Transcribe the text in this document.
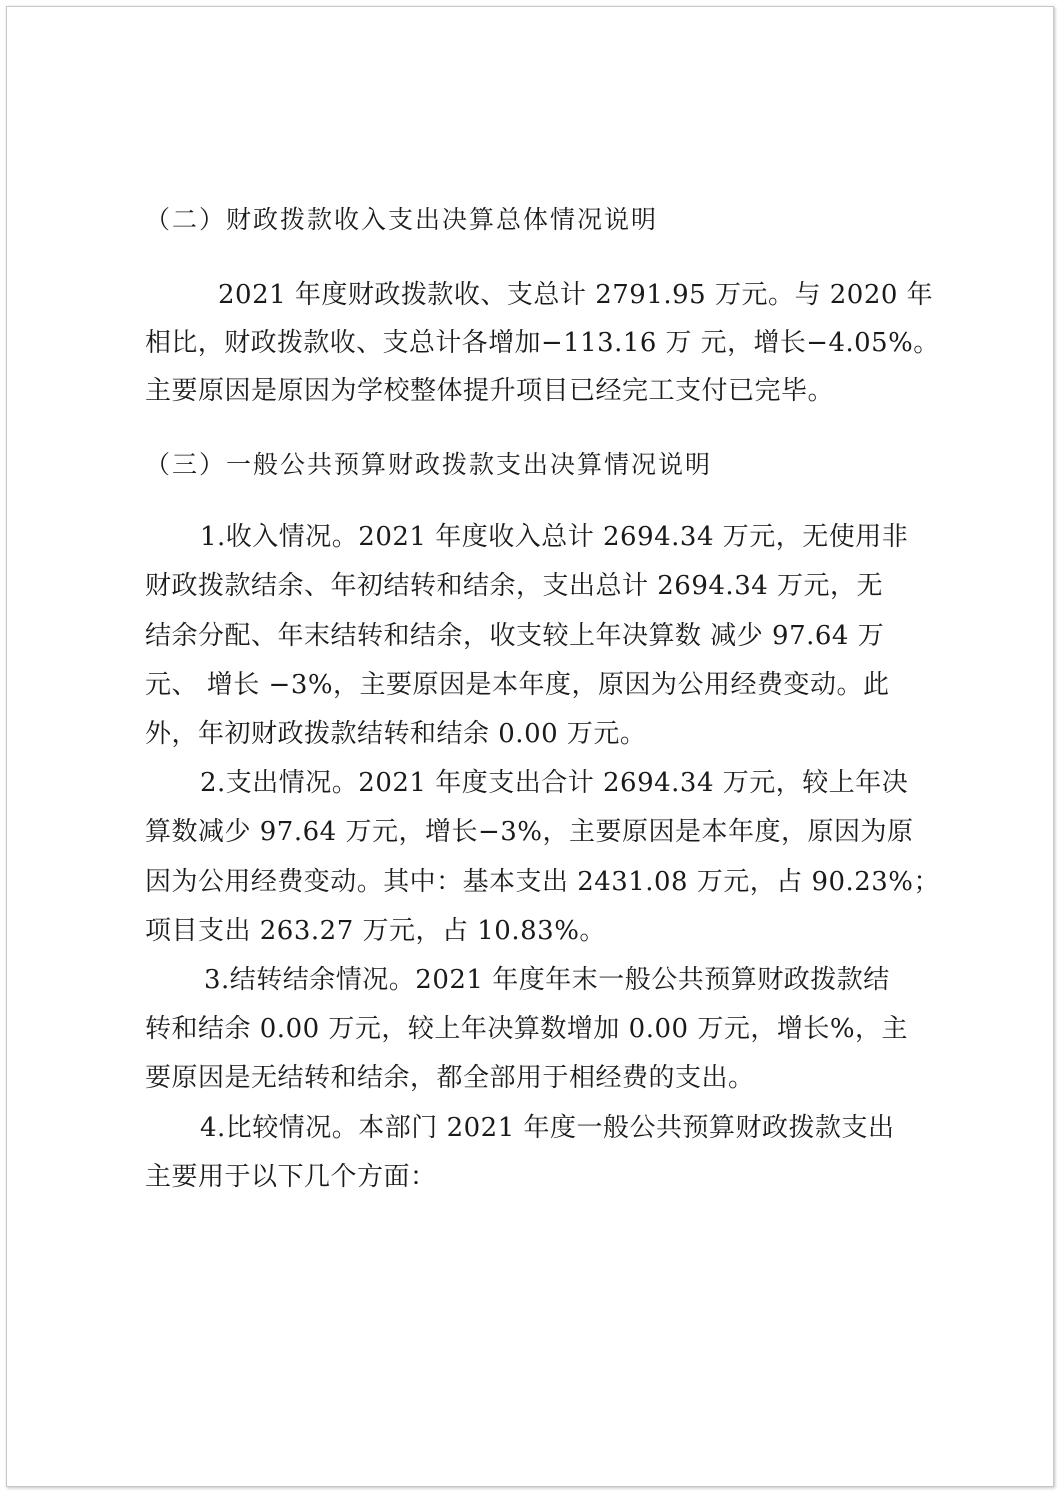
（二）财政拨款收入支出决算总体情况说明
2021 年度财政拨款收、支总计 2791.95 万元。与 2020 年
相比，财政拨款收、支总计各增加−113.16 万 元，增长−4.05%。
主要原因是原因为学校整体提升项目已经完工支付已完毕。
（三）一般公共预算财政拨款支出决算情况说明
1.收入情况。2021 年度收入总计 2694.34 万元，无使用非
财政拨款结余、年初结转和结余，支出总计 2694.34 万元，无
结余分配、年末结转和结余，收支较上年决算数 减少 97.64 万
元、 增长 −3%，主要原因是本年度，原因为公用经费变动。此
外，年初财政拨款结转和结余 0.00 万元。
2.支出情况。2021 年度支出合计 2694.34 万元，较上年决
算数减少 97.64 万元，增长−3%，主要原因是本年度，原因为原
因为公用经费变动。其中：基本支出 2431.08 万元，占 90.23%；
项目支出 263.27 万元，占 10.83%。
3.结转结余情况。2021 年度年末一般公共预算财政拨款结
转和结余 0.00 万元，较上年决算数增加 0.00 万元，增长%，主
要原因是无结转和结余，都全部用于相经费的支出。
4.比较情况。本部门 2021 年度一般公共预算财政拨款支出
主要用于以下几个方面：
